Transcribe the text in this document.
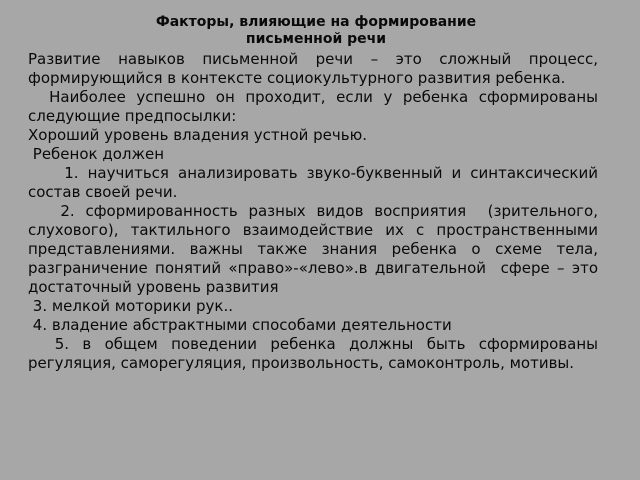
Факторы, влияющие на формирование
письменной речи

Развитие навыков письменной речи – это сложный процесс, формирующийся в контексте социокультурного развития ребенка.

Наиболее успешно он проходит, если у ребенка сформированы следующие предпосылки:

Хороший уровень владения устной речью.

Ребенок должен

1. научиться анализировать звуко-буквенный и синтаксический состав своей речи.

2. сформированность разных видов восприятия  (зрительного, слухового), тактильного взаимодействие их с пространственными представлениями. важны также знания ребенка о схеме тела, разграничение понятий «право»-«лево».в двигательной  сфере – это достаточный уровень развития

3. мелкой моторики рук..

4. владение абстрактными способами деятельности

5. в общем поведении ребенка должны быть сформированы регуляция, саморегуляция, произвольность, самоконтроль, мотивы.
